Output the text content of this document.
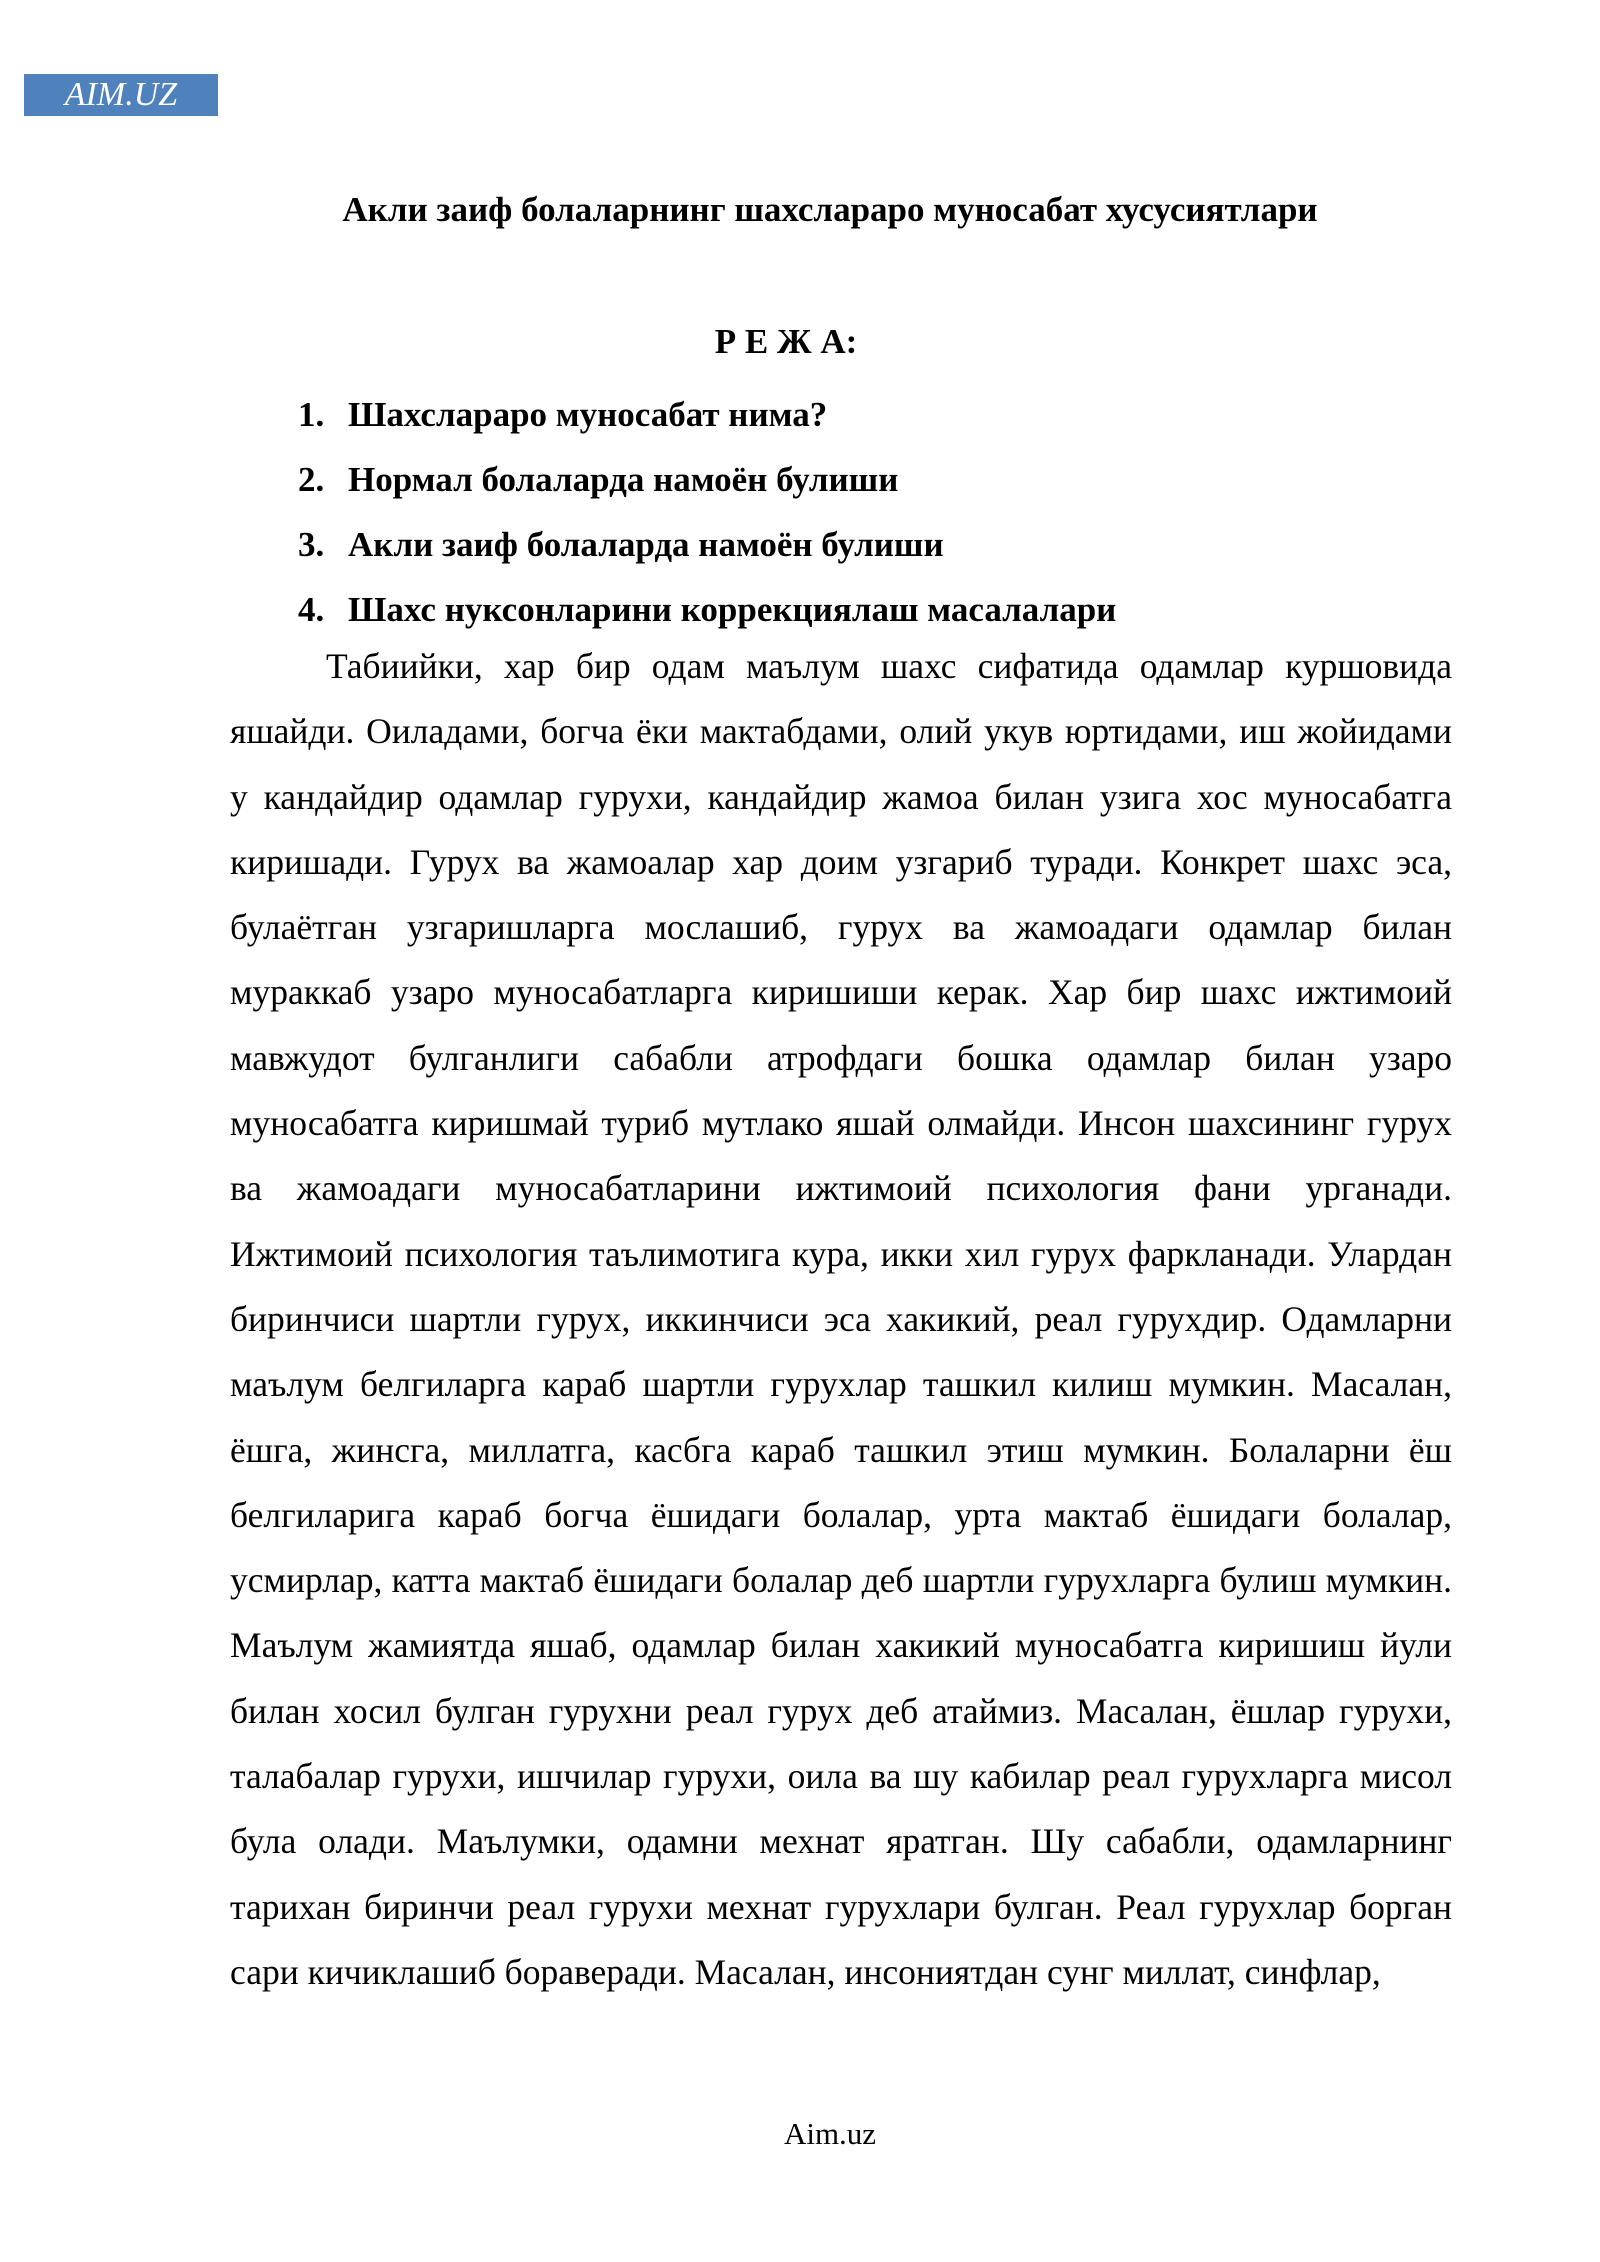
AIM.UZ
Акли заиф болаларнинг шахслараро муносабат хусусиятлари
Р Е Ж А:
1. Шахслараро муносабат нима?
2. Нормал болаларда намоён булиши
3. Акли заиф болаларда намоён булиши
4. Шахс нуксонларини коррекциялаш масалалари

Табиийки, хар бир одам маълум шахс сифатида одамлар куршовида яшайди. Оиладами, богча ёки мактабдами, олий укув юртидами, иш жойидами у кандайдир одамлар гурухи, кандайдир жамоа билан узига хос муносабатга киришади. Гурух ва жамоалар хар доим узгариб туради. Конкрет шахс эса, булаётган узгаришларга мослашиб, гурух ва жамоадаги одамлар билан мураккаб узаро муносабатларга киришиши керак. Хар бир шахс ижтимоий мавжудот булганлиги сабабли атрофдаги бошка одамлар билан узаро муносабатга киришмай туриб мутлако яшай олмайди. Инсон шахсининг гурух ва жамоадаги муносабатларини ижтимоий психология фани урганади. Ижтимоий психология таълимотига кура, икки хил гурух фаркланади. Улардан биринчиси шартли гурух, иккинчиси эса хакикий, реал гурухдир. Одамларни маълум белгиларга караб шартли гурухлар ташкил килиш мумкин. Масалан, ёшга, жинсга, миллатга, касбга караб ташкил этиш мумкин. Болаларни ёш белгиларига караб богча ёшидаги болалар, урта мактаб ёшидаги болалар, усмирлар, катта мактаб ёшидаги болалар деб шартли гурухларга булиш мумкин. Маълум жамиятда яшаб, одамлар билан хакикий муносабатга киришиш йули билан хосил булган гурухни реал гурух деб атаймиз. Масалан, ёшлар гурухи, талабалар гурухи, ишчилар гурухи, оила ва шу кабилар реал гурухларга мисол була олади. Маълумки, одамни мехнат яратган. Шу сабабли, одамларнинг тарихан биринчи реал гурухи мехнат гурухлари булган. Реал гурухлар борган сари кичиклашиб бораверади. Масалан, инсониятдан сунг миллат, синфлар,

Aim.uz
